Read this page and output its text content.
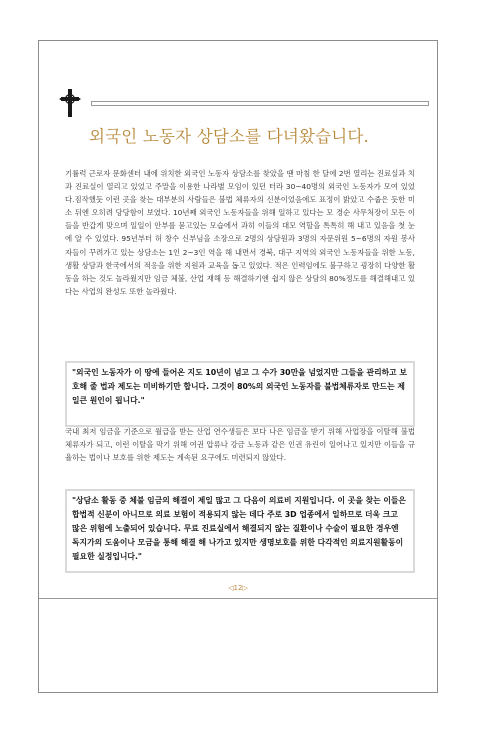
외국인 노동자 상담소를 다녀왔습니다.

기률럭 근로자 문화센터 내에 위치한 외국인 노동자 상담소를 찾았을 땐 마침 한 달에 2번 열리는 진료실과 치과 진료실이 열리고 있었고 주말을 이용한 나라별 모임이 있던 터라 30~40명의 외국인 노동자가 모여 있었다.짐작했듯 이런 곳을 찾는 대부분의 사람들은 불법 체류자의 신분이었음에도 표정이 밝았고 수줍은 듯한 미소 뒤엔 오히려 당당함이 보였다. 10년째 외국인 노동자들을 위해 일하고 있다는 모 경순 사무처장이 모든 이들을 반갑게 맞으며 일일이 안부를 묻고있는 모습에서 과히 이들의 대모 역할을 톡톡히 해 내고 있음을 첫 눈에 알 수 있었다. 95년부터 허 창수 신부님을 소장으로 2명의 상담원과 3명의 자문위원 5~6명의 자원 봉사자들이 꾸려가고 있는 상담소는 1인 2~3인 역을 해 내면서 경북, 대구 지역의 외국인 노동자들을 위한 노동, 생활 상담과 한국에서의 적응을 위한 지원과 교육을 돕고 있었다. 적은 인력임에도 불구하고 굉장히 다양한 활동을 하는 것도 놀라웠지만 임금 체불, 산업 재해 등 해결하기엔 쉽지 않은 상담의 80%정도를 해결해내고 있다는 사업의 완성도 또한 놀라웠다.

"외국인 노동자가 이 땅에 들어온 지도 10년이 넘고 그 수가 30만을 넘었지만 그들을 관리하고 보호해 줄 법과 제도는 미비하기만 합니다. 그것이 80%의 외국인 노동자를 불법체류자로 만드는 제일큰 원인이 됩니다."

국내 최저 임금을 기준으로 월급을 받는 산업 연수생들은 보다 나은 임금을 받기 위해 사업장을 이탈해 불법 체류자가 되고, 이런 이탈을 막기 위해 여권 압류나 강금 노동과 같은 인권 유린이 일어나고 있지만 이들을 규율하는 법이나 보호를 위한 제도는 계속된 요구에도 미련되지 않았다.

"상담소 활동 중 체불 임금의 해결이 제일 많고 그 다음이 의료비 지원입니다. 이 곳을 찾는 이들은 합법적 신분이 아니므로 의료 보험이 적용되지 않는 데다 주로 3D 업종에서 일하므로 더욱 크고 많은 위험에 노출되어 있습니다. 무료 진료실에서 해결되지 않는 질환이나 수술이 필요한 경우엔 독지가의 도움이나 모금을 통해 해결 해 나가고 있지만 생명보호를 위한 다각적인 의료지원활동이 필요한 실정입니다."

◁12▷
